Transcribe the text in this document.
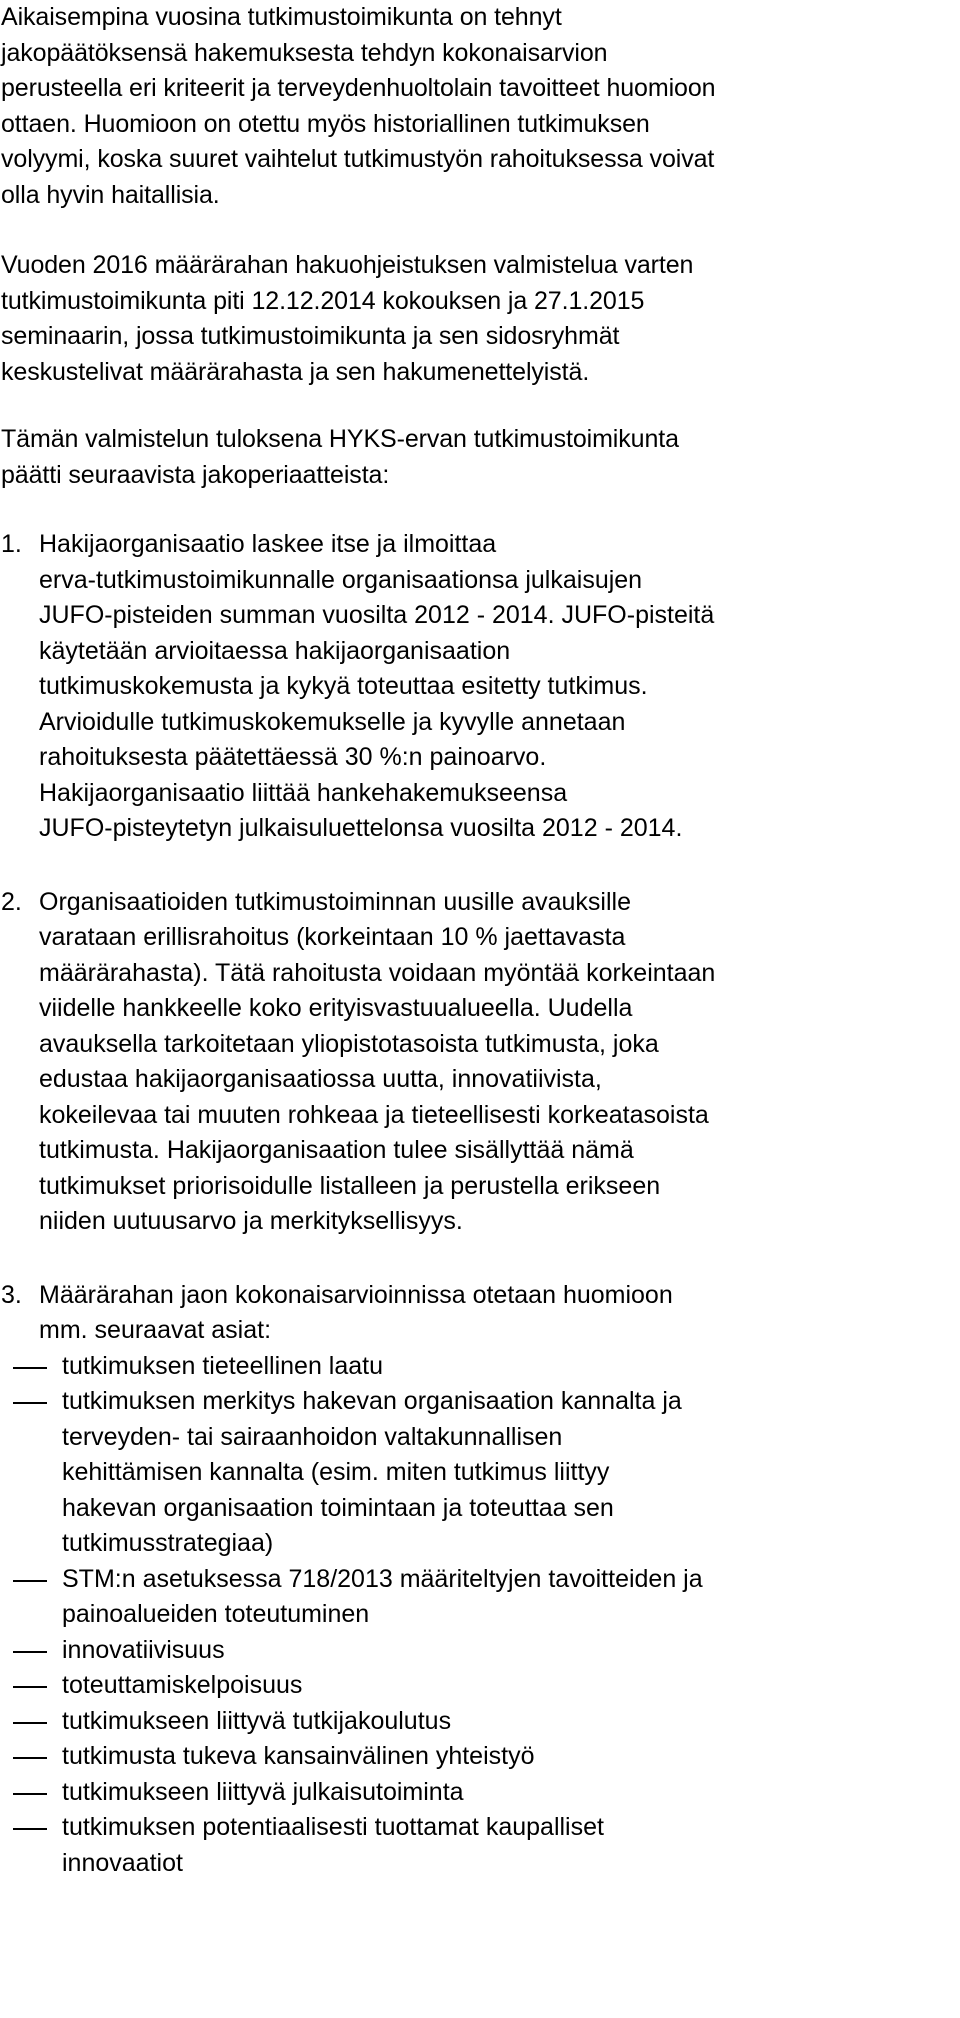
Aikaisempina vuosina tutkimustoimikunta on tehnyt
jakopäätöksensä hakemuksesta tehdyn kokonaisarvion
perusteella eri kriteerit ja terveydenhuoltolain tavoitteet huomioon
ottaen. Huomioon on otettu myös historiallinen tutkimuksen
volyymi, koska suuret vaihtelut tutkimustyön rahoituksessa voivat
olla hyvin haitallisia.

Vuoden 2016 määrärahan hakuohjeistuksen valmistelua varten
tutkimustoimikunta piti 12.12.2014 kokouksen ja 27.1.2015
seminaarin, jossa tutkimustoimikunta ja sen sidosryhmät
keskustelivat määrärahasta ja sen hakumenettelyistä.

Tämän valmistelun tuloksena HYKS-ervan tutkimustoimikunta
päätti seuraavista jakoperiaatteista:

1. Hakijaorganisaatio laskee itse ja ilmoittaa
erva-tutkimustoimikunnalle organisaationsa julkaisujen
JUFO-pisteiden summan vuosilta 2012 - 2014. JUFO-pisteitä
käytetään arvioitaessa hakijaorganisaation
tutkimuskokemusta ja kykyä toteuttaa esitetty tutkimus.
Arvioidulle tutkimuskokemukselle ja kyvylle annetaan
rahoituksesta päätettäessä 30 %:n painoarvo.
Hakijaorganisaatio liittää hankehakemukseensa
JUFO-pisteytetyn julkaisuluettelonsa vuosilta 2012 - 2014.
2. Organisaatioiden tutkimustoiminnan uusille avauksille
varataan erillisrahoitus (korkeintaan 10 % jaettavasta
määrärahasta). Tätä rahoitusta voidaan myöntää korkeintaan
viidelle hankkeelle koko erityisvastuualueella. Uudella
avauksella tarkoitetaan yliopistotasoista tutkimusta, joka
edustaa hakijaorganisaatiossa uutta, innovatiivista,
kokeilevaa tai muuten rohkeaa ja tieteellisesti korkeatasoista
tutkimusta. Hakijaorganisaation tulee sisällyttää nämä
tutkimukset priorisoidulle listalleen ja perustella erikseen
niiden uutuusarvo ja merkityksellisyys.
3. Määrärahan jaon kokonaisarvioinnissa otetaan huomioon
mm. seuraavat asiat:
tutkimuksen tieteellinen laatu
tutkimuksen merkitys hakevan organisaation kannalta ja
terveyden- tai sairaanhoidon valtakunnallisen
kehittämisen kannalta (esim. miten tutkimus liittyy
hakevan organisaation toimintaan ja toteuttaa sen
tutkimusstrategiaa)
STM:n asetuksessa 718/2013 määriteltyjen tavoitteiden ja
painoalueiden toteutuminen
innovatiivisuus
toteuttamiskelpoisuus
tutkimukseen liittyvä tutkijakoulutus
tutkimusta tukeva kansainvälinen yhteistyö
tutkimukseen liittyvä julkaisutoiminta
tutkimuksen potentiaalisesti tuottamat kaupalliset
innovaatiot
